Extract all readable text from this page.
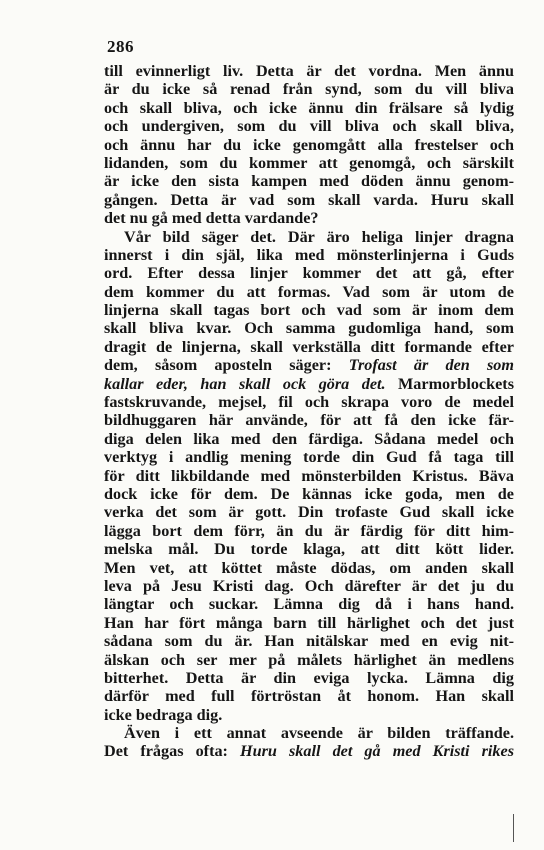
286
till evinnerligt liv. Detta är det vordna. Men ännu
är du icke så renad från synd, som du vill bliva
och skall bliva, och icke ännu din frälsare så lydig
och undergiven, som du vill bliva och skall bliva,
och ännu har du icke genomgått alla frestelser och
lidanden, som du kommer att genomgå, och särskilt
är icke den sista kampen med döden ännu genom-
gången. Detta är vad som skall varda. Huru skall
det nu gå med detta vardande?
Vår bild säger det. Där äro heliga linjer dragna
innerst i din själ, lika med mönsterlinjerna i Guds
ord. Efter dessa linjer kommer det att gå, efter
dem kommer du att formas. Vad som är utom de
linjerna skall tagas bort och vad som är inom dem
skall bliva kvar. Och samma gudomliga hand, som
dragit de linjerna, skall verkställa ditt formande efter
dem, såsom aposteln säger: Trofast är den som
kallar eder, han skall ock göra det. Marmorblockets
fastskruvande, mejsel, fil och skrapa voro de medel
bildhuggaren här använde, för att få den icke fär-
diga delen lika med den färdiga. Sådana medel och
verktyg i andlig mening torde din Gud få taga till
för ditt likbildande med mönsterbilden Kristus. Bäva
dock icke för dem. De kännas icke goda, men de
verka det som är gott. Din trofaste Gud skall icke
lägga bort dem förr, än du är färdig för ditt him-
melska mål. Du torde klaga, att ditt kött lider.
Men vet, att köttet måste dödas, om anden skall
leva på Jesu Kristi dag. Och därefter är det ju du
längtar och suckar. Lämna dig då i hans hand.
Han har fört många barn till härlighet och det just
sådana som du är. Han nitälskar med en evig nit-
älskan och ser mer på målets härlighet än medlens
bitterhet. Detta är din eviga lycka. Lämna dig
därför med full förtröstan åt honom. Han skall
icke bedraga dig.
Även i ett annat avseende är bilden träffande.
Det frågas ofta: Huru skall det gå med Kristi rikes
